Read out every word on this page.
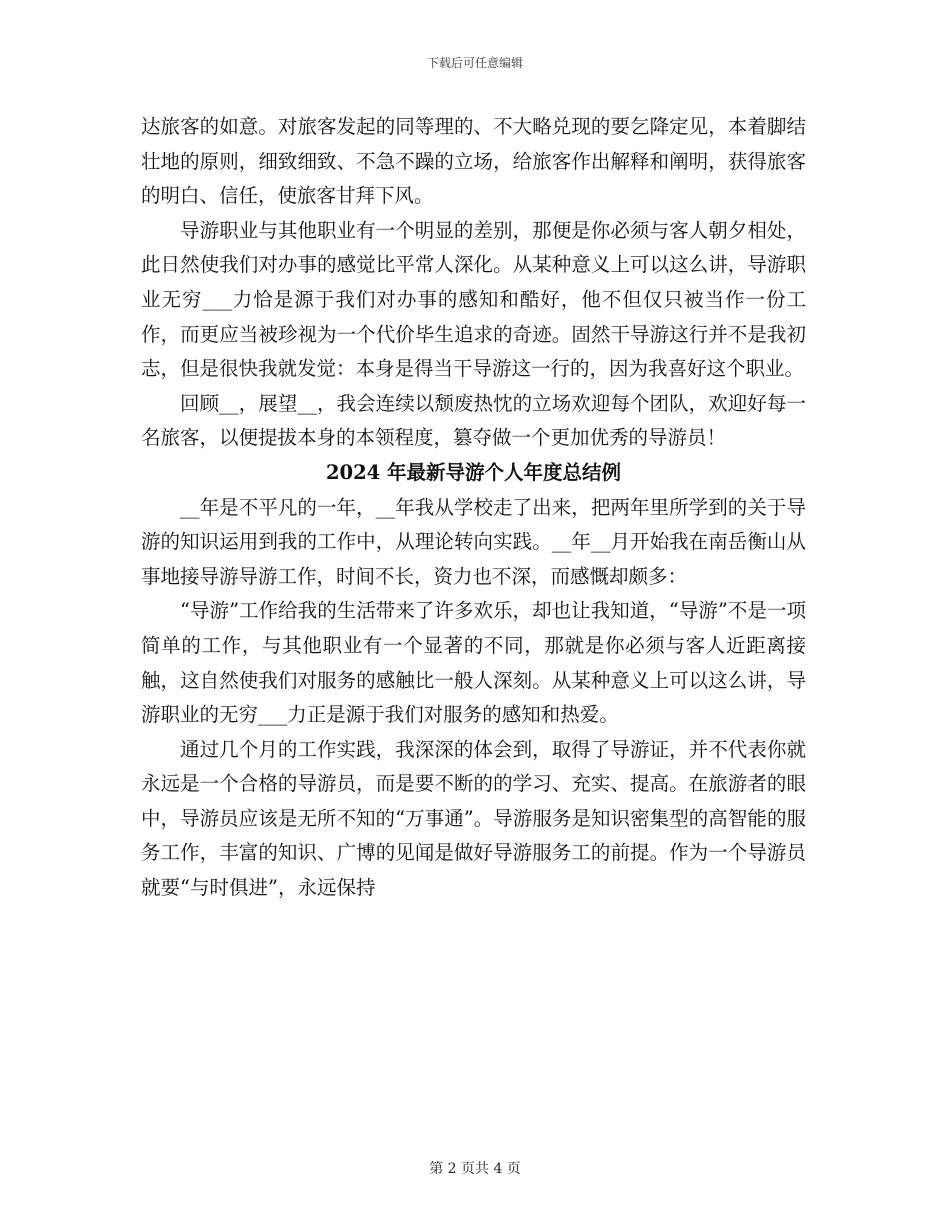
下载后可任意编辑

达旅客的如意。对旅客发起的同等理的、不大略兑现的要乞降定见，本着脚结壮地的原则，细致细致、不急不躁的立场，给旅客作出解释和阐明，获得旅客的明白、信任，使旅客甘拜下风。

导游职业与其他职业有一个明显的差别，那便是你必须与客人朝夕相处，此日然使我们对办事的感觉比平常人深化。从某种意义上可以这么讲，导游职业无穷___力恰是源于我们对办事的感知和酷好，他不但仅只被当作一份工作，而更应当被珍视为一个代价毕生追求的奇迹。固然干导游这行并不是我初志，但是很快我就发觉：本身是得当干导游这一行的，因为我喜好这个职业。

回顾__，展望__，我会连续以颓废热忱的立场欢迎每个团队，欢迎好每一名旅客，以便提拔本身的本领程度，篡夺做一个更加优秀的导游员！

2024 年最新导游个人年度总结例

__年是不平凡的一年，__年我从学校走了出来，把两年里所学到的关于导游的知识运用到我的工作中，从理论转向实践。__年__月开始我在南岳衡山从事地接导游导游工作，时间不长，资力也不深，而感慨却颇多：

“导游”工作给我的生活带来了许多欢乐，却也让我知道，“导游”不是一项简单的工作，与其他职业有一个显著的不同，那就是你必须与客人近距离接触，这自然使我们对服务的感触比一般人深刻。从某种意义上可以这么讲，导游职业的无穷___力正是源于我们对服务的感知和热爱。

通过几个月的工作实践，我深深的体会到，取得了导游证，并不代表你就永远是一个合格的导游员，而是要不断的的学习、充实、提高。在旅游者的眼中，导游员应该是无所不知的“万事通”。导游服务是知识密集型的高智能的服务工作，丰富的知识、广博的见闻是做好导游服务工的前提。作为一个导游员就要“与时俱进”，永远保持

第 2 页共 4 页
